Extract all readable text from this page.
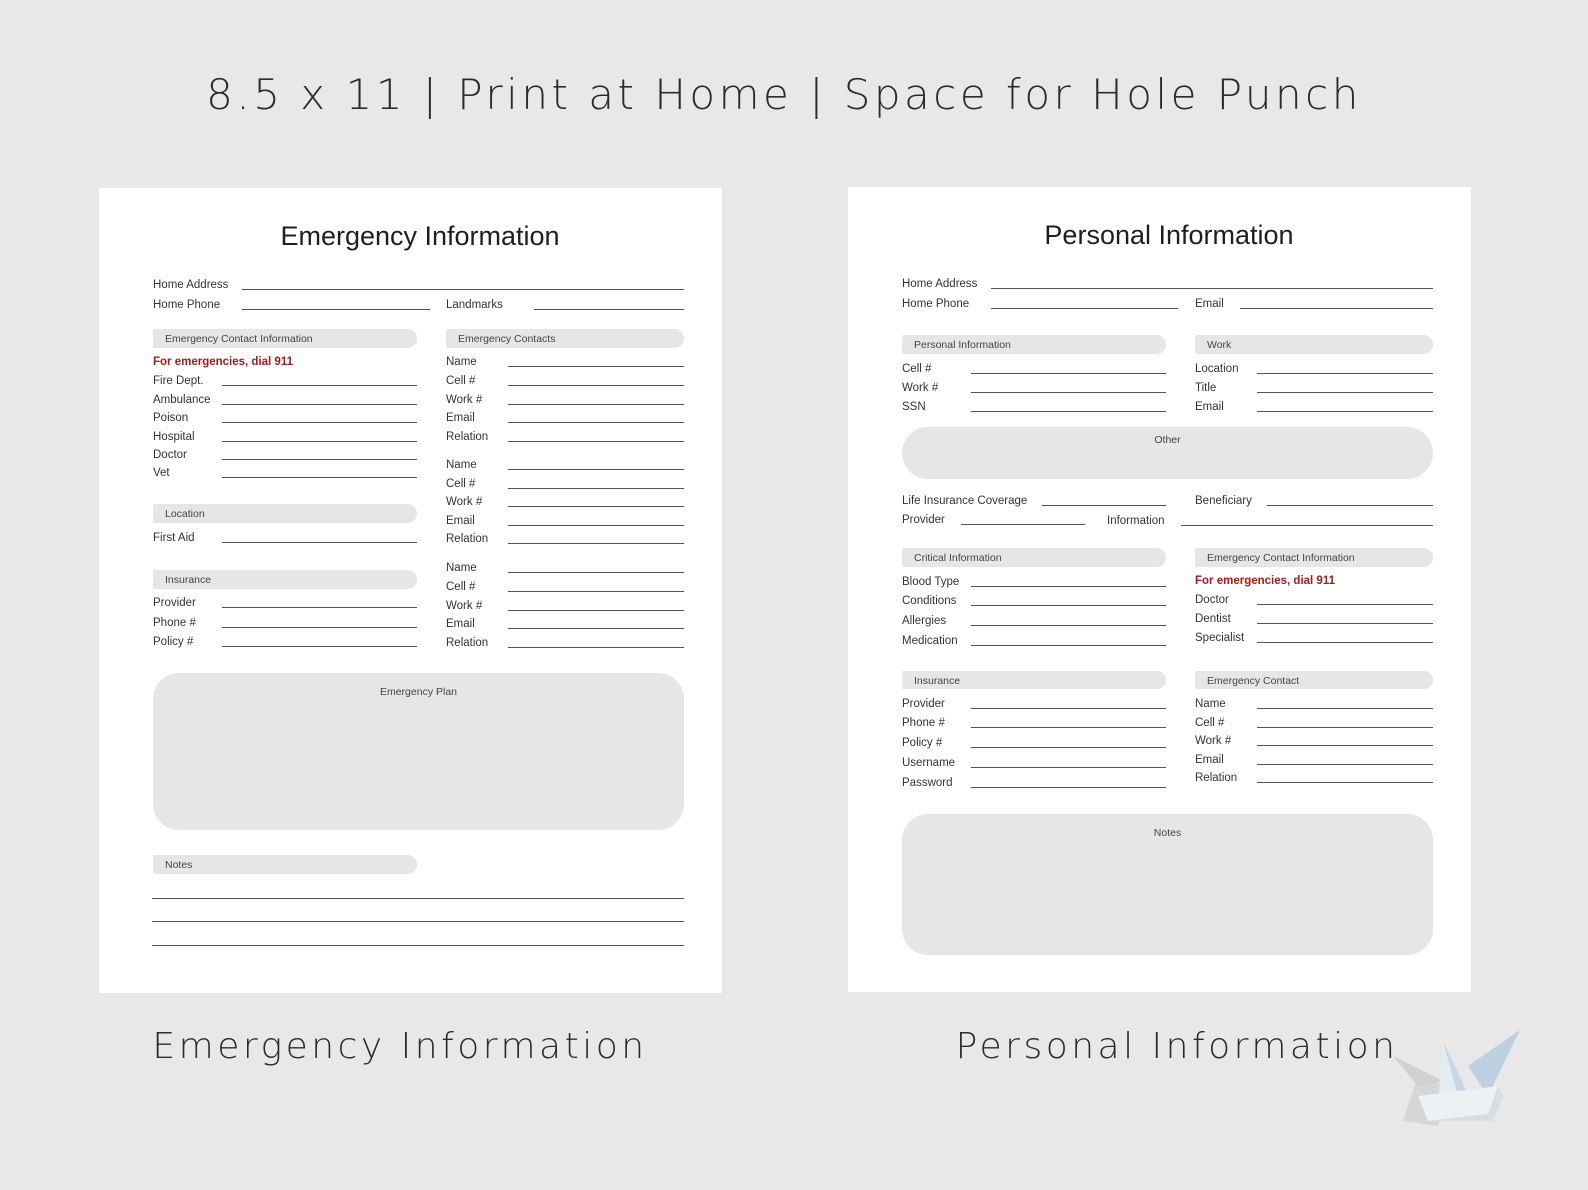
8.5 x 11 | Print at Home | Space for Hole Punch
Emergency Information	Personal Information
Home Address
Home Phone	Landmarks
Emergency Contact Information
For emergencies, dial 911
Fire Dept.
Ambulance
Poison
Hospital
Doctor
Vet
Location
First Aid
Insurance
Provider
Phone #
Policy #
Emergency Contacts
Name
Cell #
Work #
Email
Relation
Name
Cell #
Work #
Email
Relation
Name
Cell #
Work #
Email
Relation
Emergency Plan
Notes
Home Address
Home Phone	Email
Personal Information
Cell #
Work #
SSN
Work
Location
Title
Email
Other
Life Insurance Coverage	Beneficiary
Provider	Information
Critical Information
Blood Type
Conditions
Allergies
Medication
Emergency Contact Information
For emergencies, dial 911
Doctor
Dentist
Specialist
Insurance
Provider
Phone #
Policy #
Username
Password
Emergency Contact
Name
Cell #
Work #
Email
Relation
Notes
Emergency Information	Personal Information
